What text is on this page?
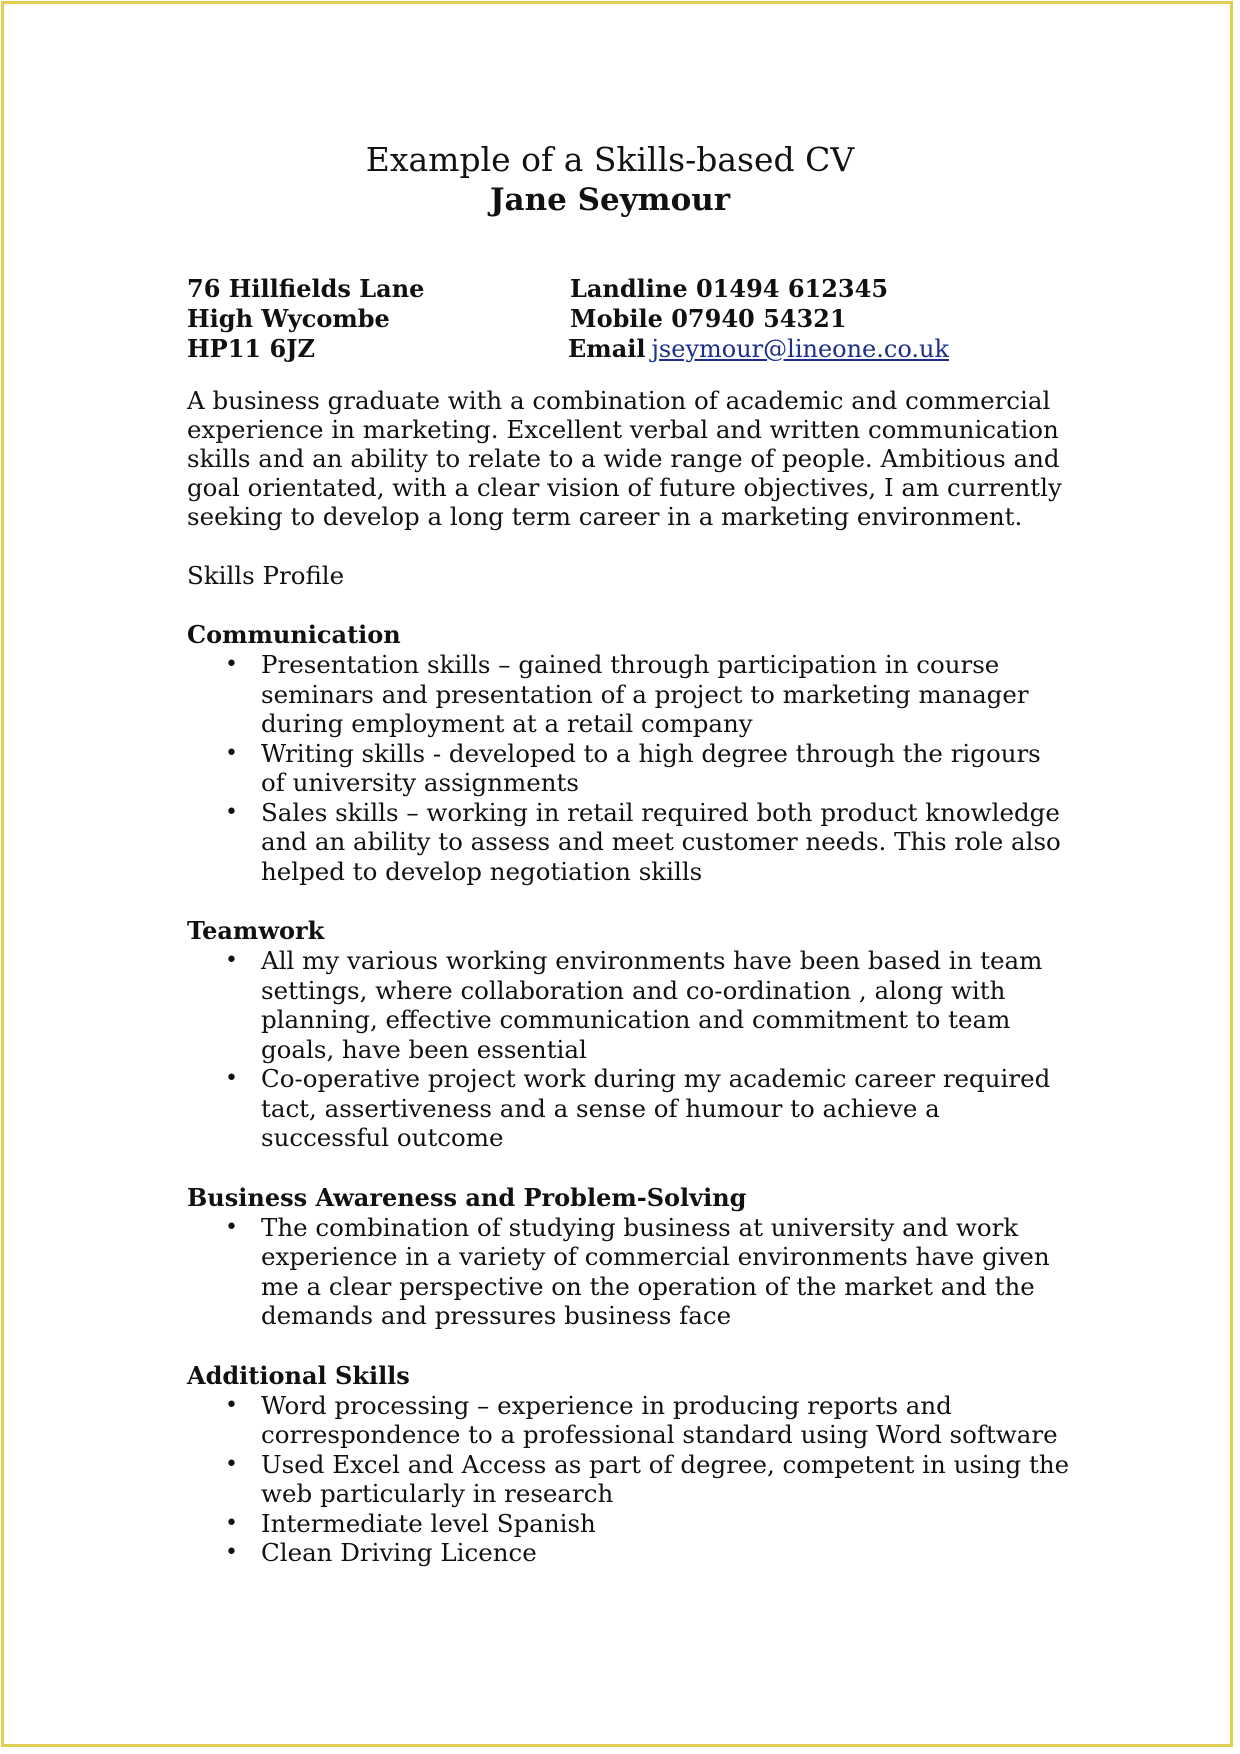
Example of a Skills-based CV
Jane Seymour
76 Hillfields Lane
High Wycombe
HP11 6JZ
Landline 01494 612345
Mobile 07940 54321
Email jseymour@lineone.co.uk
A business graduate with a combination of academic and commercial experience in marketing. Excellent verbal and written communication skills and an ability to relate to a wide range of people. Ambitious and goal orientated, with a clear vision of future objectives, I am currently seeking to develop a long term career in a marketing environment.
Skills Profile
Communication
• Presentation skills – gained through participation in course seminars and presentation of a project to marketing manager during employment at a retail company
• Writing skills - developed to a high degree through the rigours of university assignments
• Sales skills – working in retail required both product knowledge and an ability to assess and meet customer needs. This role also helped to develop negotiation skills
Teamwork
• All my various working environments have been based in team settings, where collaboration and co-ordination , along with planning, effective communication and commitment to team goals, have been essential
• Co-operative project work during my academic career required tact, assertiveness and a sense of humour to achieve a successful outcome
Business Awareness and Problem-Solving
• The combination of studying business at university and work experience in a variety of commercial environments have given me a clear perspective on the operation of the market and the demands and pressures business face
Additional Skills
• Word processing – experience in producing reports and correspondence to a professional standard using Word software
• Used Excel and Access as part of degree, competent in using the web particularly in research
• Intermediate level Spanish
• Clean Driving Licence
